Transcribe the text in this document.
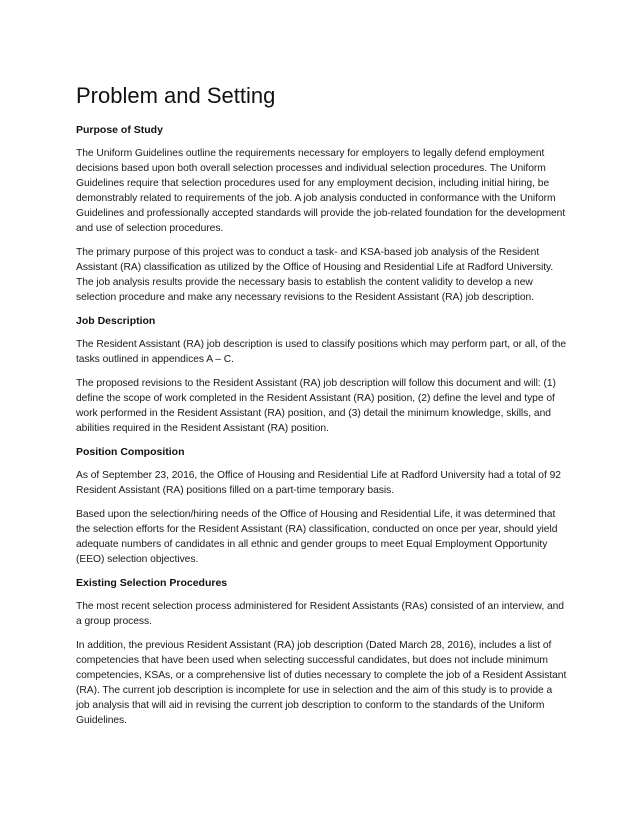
Problem and Setting
Purpose of Study

The Uniform Guidelines outline the requirements necessary for employers to legally defend employment decisions based upon both overall selection processes and individual selection procedures. The Uniform Guidelines require that selection procedures used for any employment decision, including initial hiring, be demonstrably related to requirements of the job. A job analysis conducted in conformance with the Uniform Guidelines and professionally accepted standards will provide the job-related foundation for the development and use of selection procedures.

The primary purpose of this project was to conduct a task- and KSA-based job analysis of the Resident Assistant (RA) classification as utilized by the Office of Housing and Residential Life at Radford University. The job analysis results provide the necessary basis to establish the content validity to develop a new selection procedure and make any necessary revisions to the Resident Assistant (RA) job description.

Job Description

The Resident Assistant (RA) job description is used to classify positions which may perform part, or all, of the tasks outlined in appendices A – C.

The proposed revisions to the Resident Assistant (RA) job description will follow this document and will: (1) define the scope of work completed in the Resident Assistant (RA) position, (2) define the level and type of work performed in the Resident Assistant (RA) position, and (3) detail the minimum knowledge, skills, and abilities required in the Resident Assistant (RA) position.

Position Composition

As of September 23, 2016, the Office of Housing and Residential Life at Radford University had a total of 92 Resident Assistant (RA) positions filled on a part-time temporary basis.

Based upon the selection/hiring needs of the Office of Housing and Residential Life, it was determined that the selection efforts for the Resident Assistant (RA) classification, conducted on once per year, should yield adequate numbers of candidates in all ethnic and gender groups to meet Equal Employment Opportunity (EEO) selection objectives.

Existing Selection Procedures

The most recent selection process administered for Resident Assistants (RAs) consisted of an interview, and a group process.

In addition, the previous Resident Assistant (RA) job description (Dated March 28, 2016), includes a list of competencies that have been used when selecting successful candidates, but does not include minimum competencies, KSAs, or a comprehensive list of duties necessary to complete the job of a Resident Assistant (RA). The current job description is incomplete for use in selection and the aim of this study is to provide a job analysis that will aid in revising the current job description to conform to the standards of the Uniform Guidelines.
